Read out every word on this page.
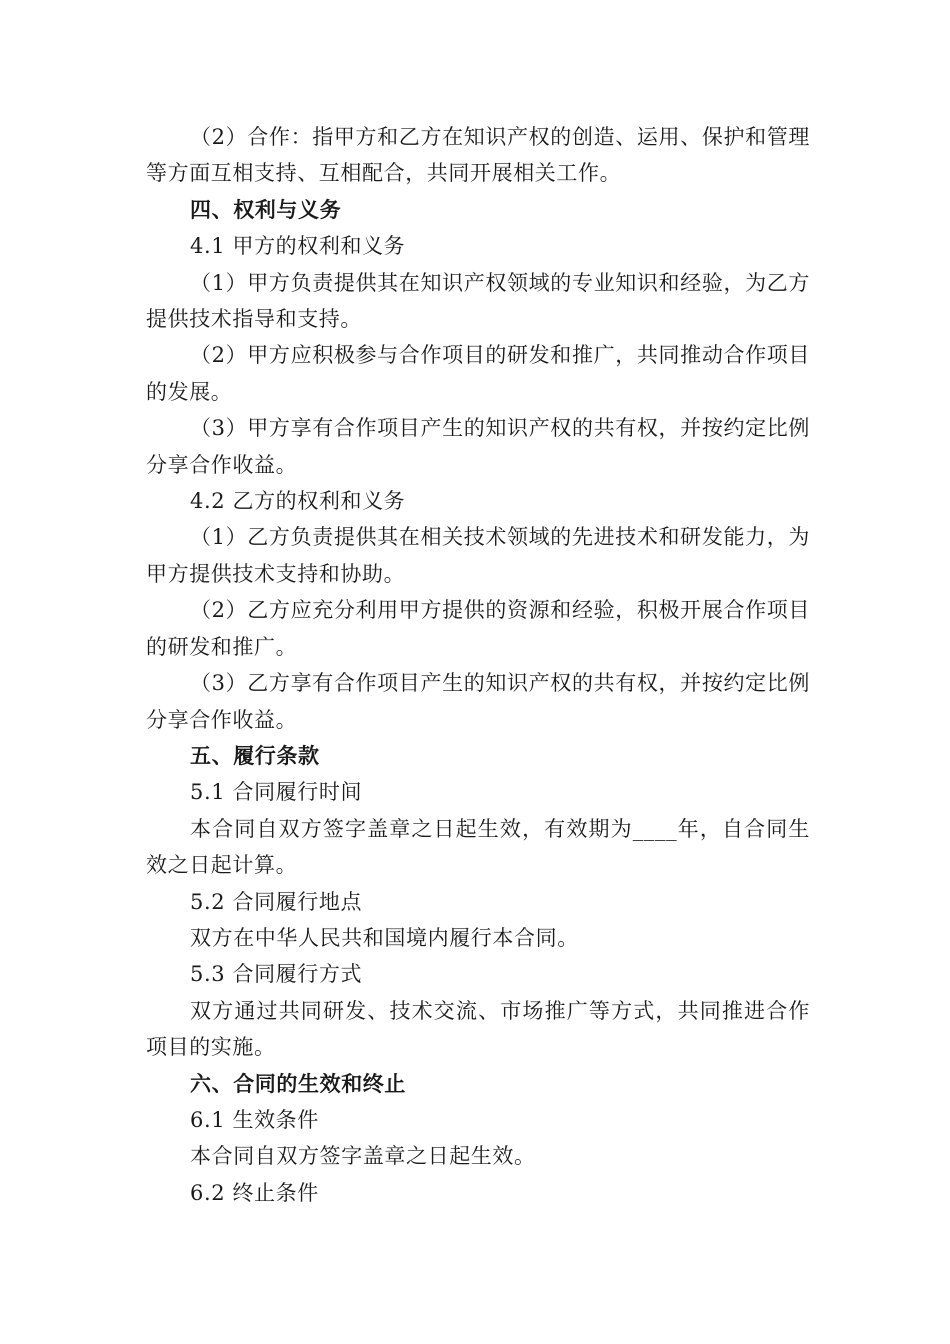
（2）合作：指甲方和乙方在知识产权的创造、运用、保护和管理等方面互相支持、互相配合，共同开展相关工作。

四、权利与义务

4.1 甲方的权利和义务

（1）甲方负责提供其在知识产权领域的专业知识和经验，为乙方提供技术指导和支持。

（2）甲方应积极参与合作项目的研发和推广，共同推动合作项目的发展。

（3）甲方享有合作项目产生的知识产权的共有权，并按约定比例分享合作收益。

4.2 乙方的权利和义务

（1）乙方负责提供其在相关技术领域的先进技术和研发能力，为甲方提供技术支持和协助。

（2）乙方应充分利用甲方提供的资源和经验，积极开展合作项目的研发和推广。

（3）乙方享有合作项目产生的知识产权的共有权，并按约定比例分享合作收益。

五、履行条款

5.1 合同履行时间

本合同自双方签字盖章之日起生效，有效期为____年，自合同生效之日起计算。

5.2 合同履行地点

双方在中华人民共和国境内履行本合同。

5.3 合同履行方式

双方通过共同研发、技术交流、市场推广等方式，共同推进合作项目的实施。

六、合同的生效和终止

6.1 生效条件

本合同自双方签字盖章之日起生效。

6.2 终止条件
